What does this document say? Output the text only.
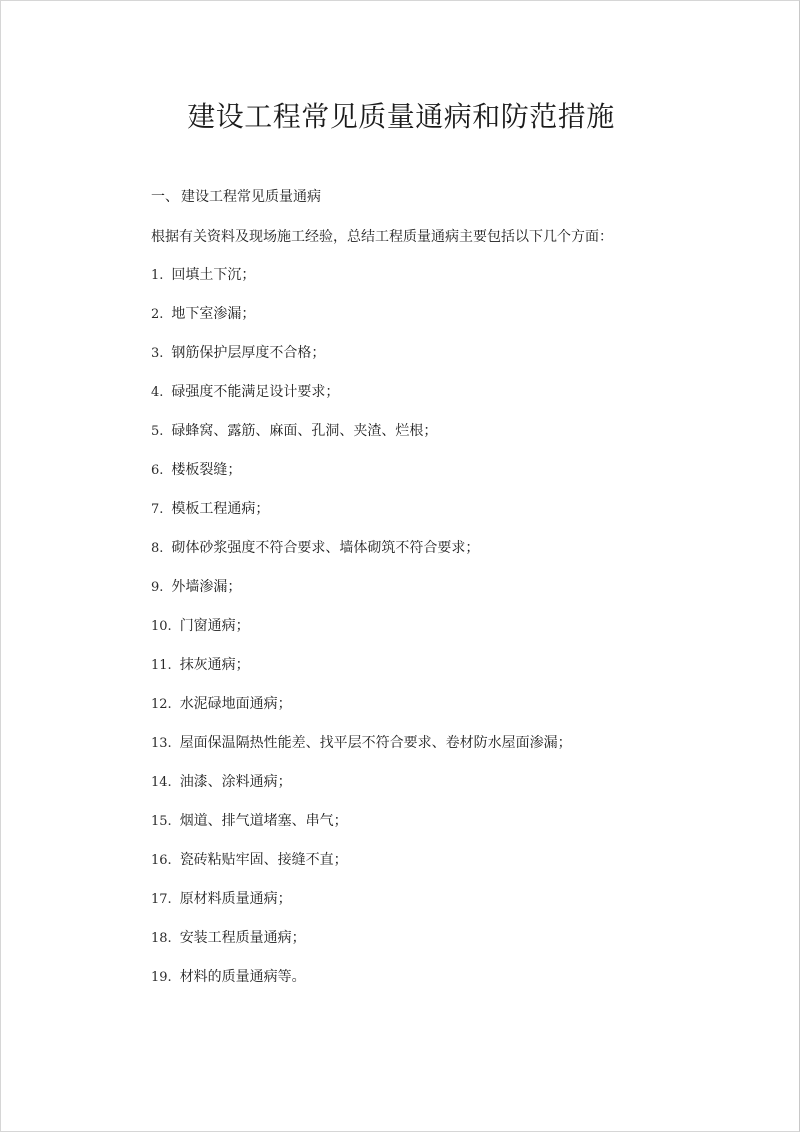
建设工程常见质量通病和防范措施
一、 建设工程常见质量通病

根据有关资料及现场施工经验，总结工程质量通病主要包括以下几个方面：

1. 回填土下沉；
2. 地下室渗漏；
3. 钢筋保护层厚度不合格；
4. 碌强度不能满足设计要求；
5. 碌蜂窝、露筋、麻面、孔洞、夹渣、烂根；
6. 楼板裂缝；
7. 模板工程通病；
8. 砌体砂浆强度不符合要求、墙体砌筑不符合要求；
9. 外墙渗漏；
10. 门窗通病；
11. 抹灰通病；
12. 水泥碌地面通病；
13. 屋面保温隔热性能差、找平层不符合要求、卷材防水屋面渗漏；
14. 油漆、涂料通病；
15. 烟道、排气道堵塞、串气；
16. 瓷砖粘贴牢固、接缝不直；
17. 原材料质量通病；
18. 安装工程质量通病；
19. 材料的质量通病等。
